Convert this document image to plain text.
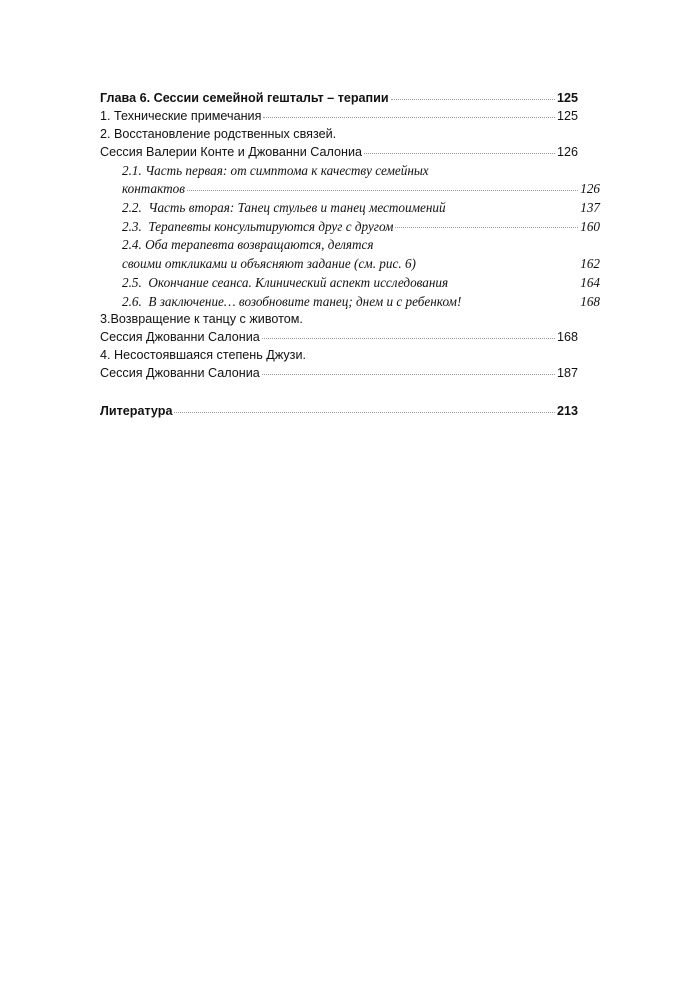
Глава 6. Сессии семейной гештальт – терапии	125
1. Технические примечания	125
2. Восстановление родственных связей.
Сессия Валерии Конте и Джованни Салониа	126
2.1. Часть первая: от симптома к качеству семейных
контактов	126
2.2.  Часть вторая: Танец стульев и танец местоимений	137
2.3.  Терапевты консультируются друг с другом	160
2.4. Оба терапевта возвращаются, делятся
своими откликами и объясняют задание (см. рис. 6)	162
2.5.  Окончание сеанса. Клинический аспект исследования	164
2.6.  В заключение… возобновите танец; днем и с ребенком!	168
3.Возвращение к танцу с животом.
Сессия Джованни Салониа	168
4. Несостоявшаяся степень Джузи.
Сессия Джованни Салониа	187
Литература	213
